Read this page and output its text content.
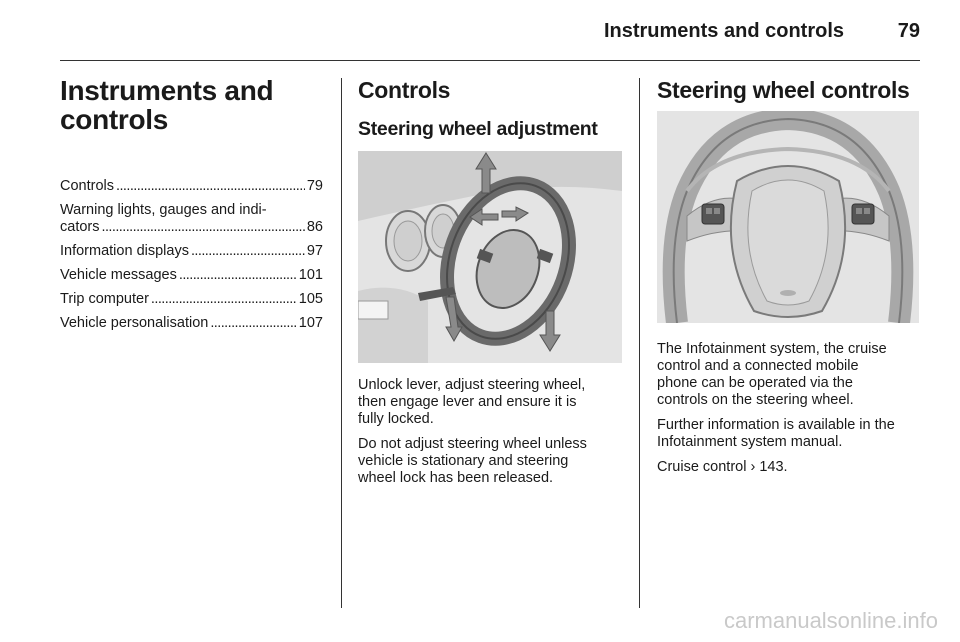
Instruments and controls	79
Instruments and
controls
Controls . . .	79
Warning lights, gauges and indi-
cators . . .	86
Information displays . . .	97
Vehicle messages . . .	101
Trip computer . . .	105
Vehicle personalisation . . .	107
Controls
Steering wheel adjustment

Unlock lever, adjust steering wheel,
then engage lever and ensure it is
fully locked.

Do not adjust steering wheel unless
vehicle is stationary and steering
wheel lock has been released.

Steering wheel controls

The Infotainment system, the cruise
control and a connected mobile
phone can be operated via the
controls on the steering wheel.

Further information is available in the
Infotainment system manual.

Cruise control › 143.

carmanualsonline.info
